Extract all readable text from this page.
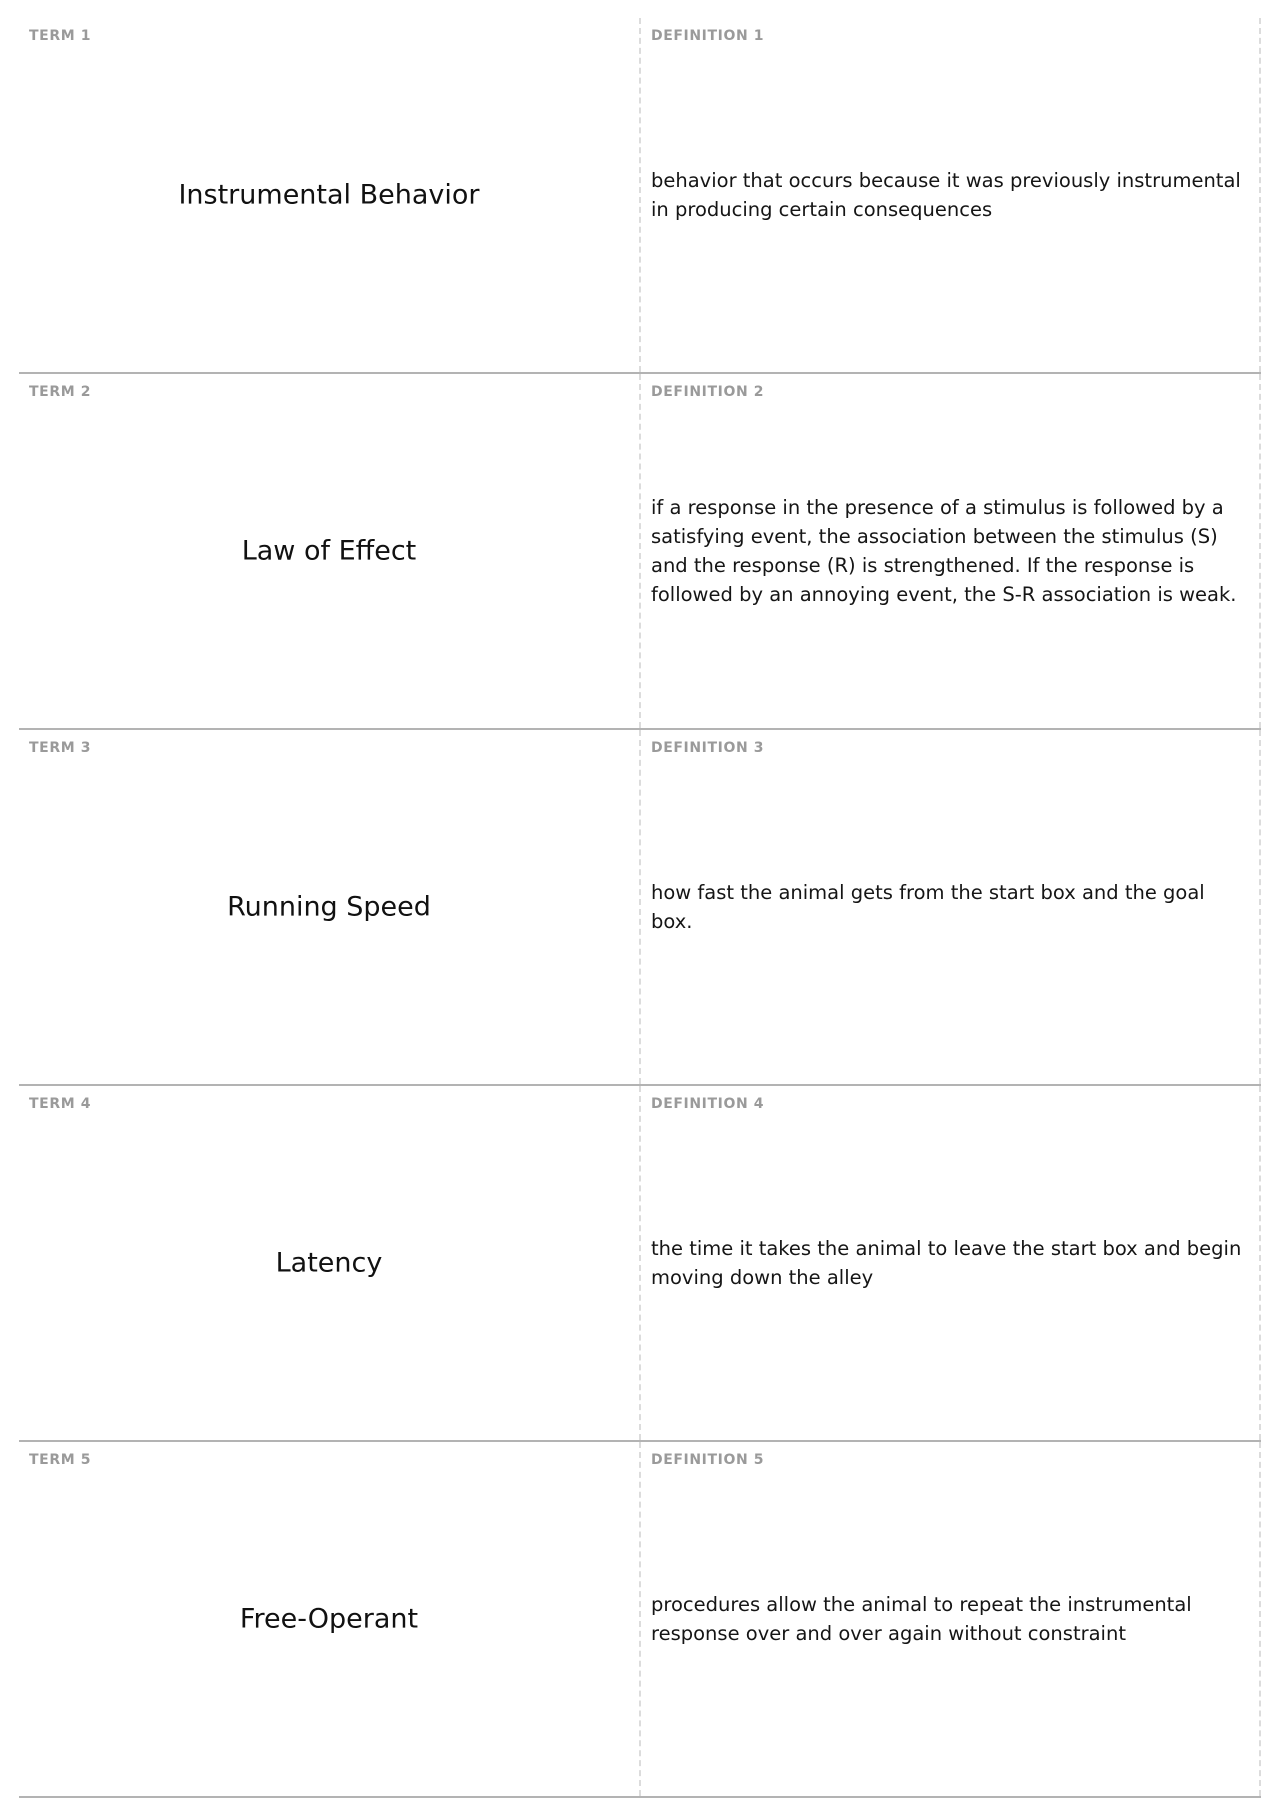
TERM 1
Instrumental Behavior
DEFINITION 1
behavior that occurs because it was previously instrumental in producing certain consequences
TERM 2
Law of Effect
DEFINITION 2
if a response in the presence of a stimulus is followed by a satisfying event, the association between the stimulus (S) and the response (R) is strengthened. If the response is followed by an annoying event, the S-R association is weak.
TERM 3
Running Speed
DEFINITION 3
how fast the animal gets from the start box and the goal box.
TERM 4
Latency
DEFINITION 4
the time it takes the animal to leave the start box and begin moving down the alley
TERM 5
Free-Operant
DEFINITION 5
procedures allow the animal to repeat the instrumental response over and over again without constraint
